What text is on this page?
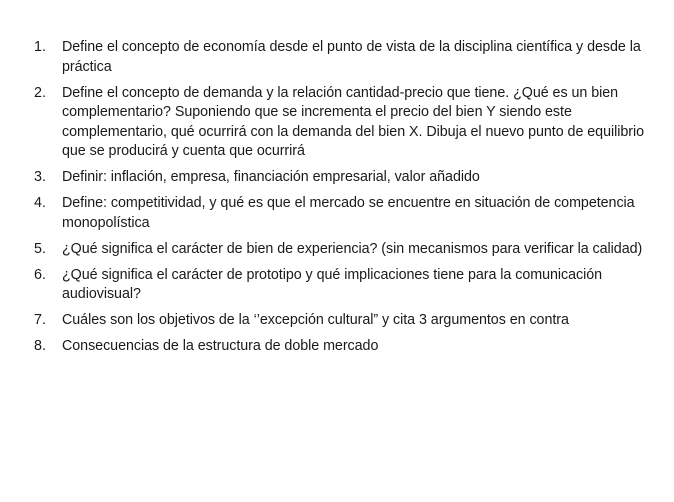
1.	Define el concepto de economía desde el punto de vista de la disciplina científica y desde la práctica
2.	Define el concepto de demanda y la relación cantidad-precio que tiene. ¿Qué es un bien complementario? Suponiendo que se incrementa el precio del bien Y siendo este complementario, qué ocurrirá con la demanda del bien X. Dibuja el nuevo punto de equilibrio que se producirá y cuenta que ocurrirá
3.	Definir: inflación, empresa, financiación empresarial, valor añadido
4.	Define: competitividad, y qué es que el mercado se encuentre en situación de competencia monopolística
5.	¿Qué significa el carácter de bien de experiencia? (sin mecanismos para verificar la calidad)
6.	¿Qué significa el carácter de prototipo y qué implicaciones tiene para la comunicación audiovisual?
7.	Cuáles son los objetivos de la ‘’excepción cultural” y cita 3 argumentos en contra
8.	Consecuencias de la estructura de doble mercado
